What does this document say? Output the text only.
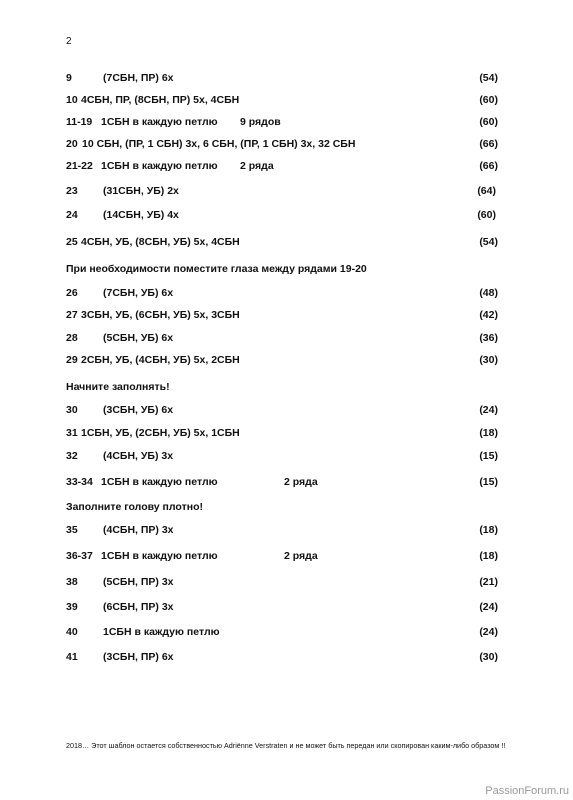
2
9	(7СБН, ПР) 6х	(54)
10 4СБН, ПР, (8СБН, ПР) 5х, 4СБН	(60)
11-19 1СБН в каждую петлю 9 рядов	(60)
20 10 СБН, (ПР, 1 СБН) 3х, 6 СБН, (ПР, 1 СБН) 3х, 32 СБН	(66)
21-22 1СБН в каждую петлю 2 ряда	(66)
23 (31СБН, УБ) 2х	(64)
24 (14СБН, УБ) 4х	(60)
25 4СБН, УБ, (8СБН, УБ) 5х, 4СБН	(54)
При необходимости поместите глаза между рядами 19-20
26 (7СБН, УБ) 6х	(48)
27 3СБН, УБ, (6СБН, УБ) 5х, 3СБН	(42)
28 (5СБН, УБ) 6х	(36)
29 2СБН, УБ, (4СБН, УБ) 5х, 2СБН	(30)
Начните заполнять!
30 (3СБН, УБ) 6х	(24)
31 1СБН, УБ, (2СБН, УБ) 5х, 1СБН	(18)
32 (4СБН, УБ) 3х	(15)
33-34 1СБН в каждую петлю	2 ряда	(15)
Заполните голову плотно!
35 (4СБН, ПР) 3х	(18)
36-37 1СБН в каждую петлю	2 ряда	(18)
38 (5СБН, ПР) 3х	(21)
39 (6СБН, ПР) 3х	(24)
40 1СБН в каждую петлю	(24)
41 (3СБН, ПР) 6х	(30)
2018… Этот шаблон остается собственностью Adriënne Verstraten и не может быть передан или скопирован каким-либо образом !!
PassionForum.ru
